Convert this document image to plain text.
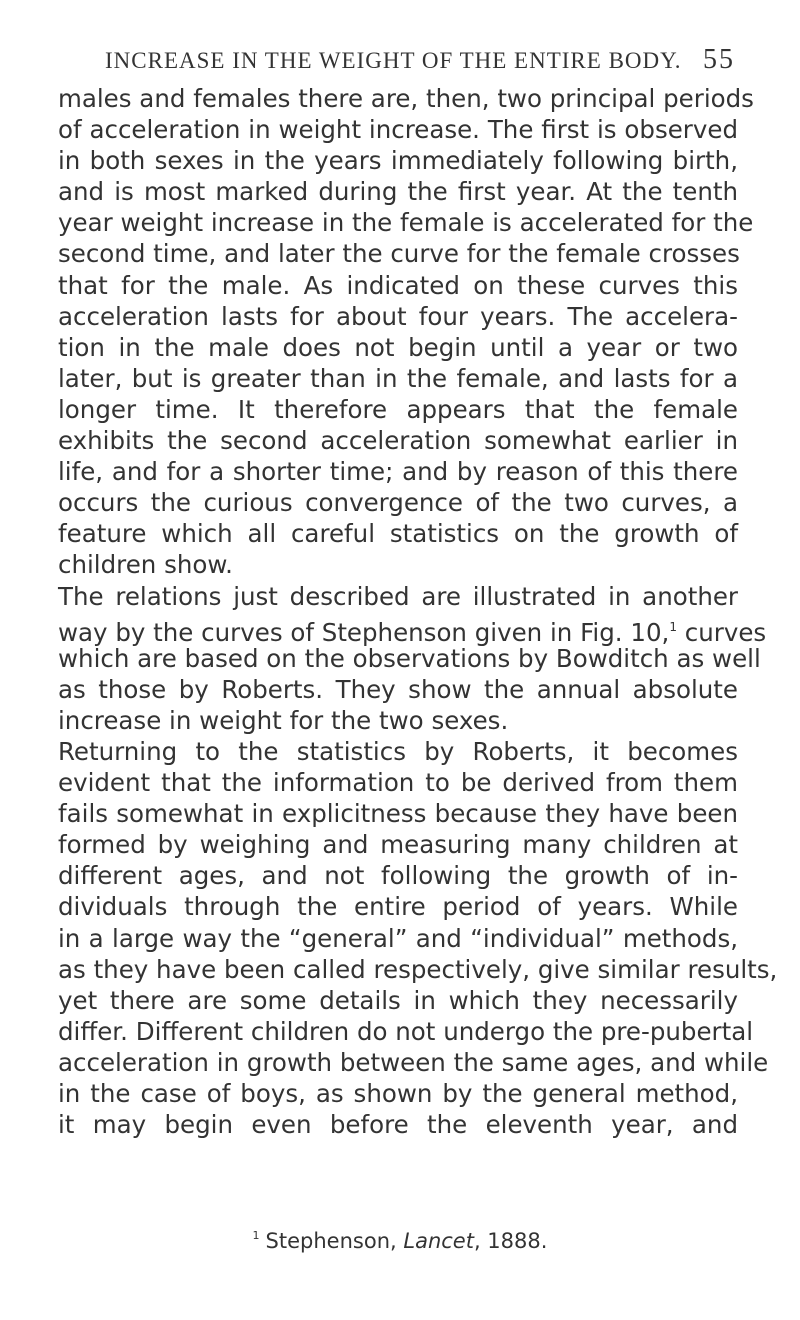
INCREASE IN THE WEIGHT OF THE ENTIRE BODY. 55
males and females there are, then, two principal periods
of acceleration in weight increase. The first is observed
in both sexes in the years immediately following birth,
and is most marked during the first year. At the tenth
year weight increase in the female is accelerated for the
second time, and later the curve for the female crosses
that for the male. As indicated on these curves this
acceleration lasts for about four years. The accelera-
tion in the male does not begin until a year or two
later, but is greater than in the female, and lasts for a
longer time. It therefore appears that the female
exhibits the second acceleration somewhat earlier in
life, and for a shorter time; and by reason of this there
occurs the curious convergence of the two curves, a
feature which all careful statistics on the growth of
children show.
The relations just described are illustrated in another
way by the curves of Stephenson given in Fig. 10,$^1$ curves
which are based on the observations by Bowditch as well
as those by Roberts. They show the annual absolute
increase in weight for the two sexes.
Returning to the statistics by Roberts, it becomes
evident that the information to be derived from them
fails somewhat in explicitness because they have been
formed by weighing and measuring many children at
different ages, and not following the growth of in-
dividuals through the entire period of years. While
in a large way the “general” and “individual” methods,
as they have been called respectively, give similar results,
yet there are some details in which they necessarily
differ. Different children do not undergo the pre-pubertal
acceleration in growth between the same ages, and while
in the case of boys, as shown by the general method,
it may begin even before the eleventh year, and
$^1$ Stephenson, Lancet, 1888.
